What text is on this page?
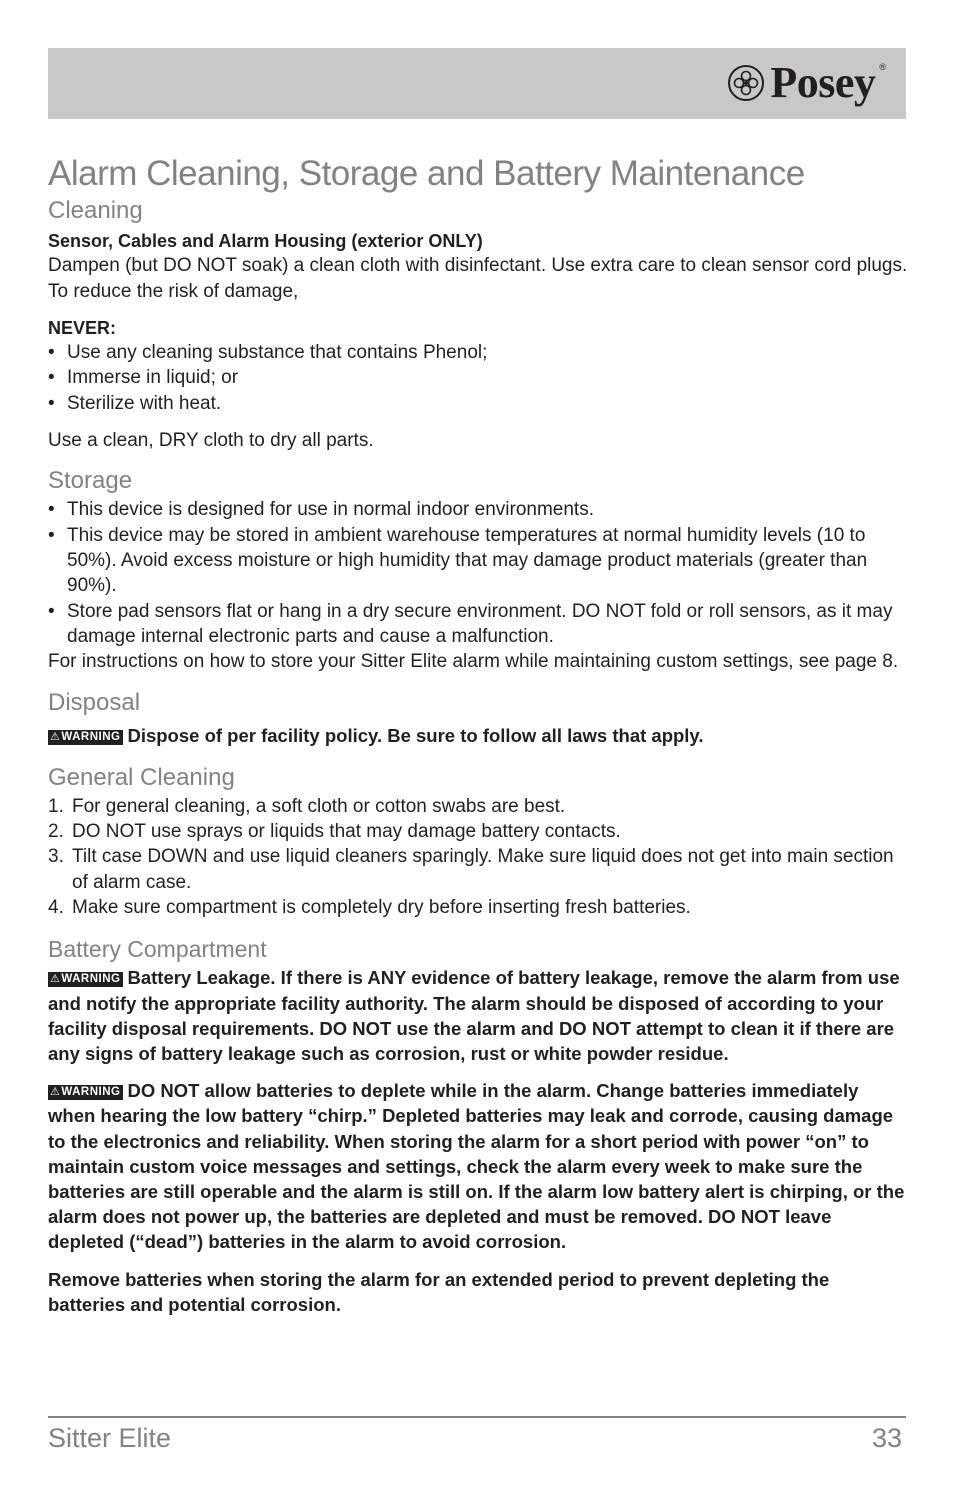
Posey ®
Alarm Cleaning, Storage and Battery Maintenance
Cleaning

Sensor, Cables and Alarm Housing (exterior ONLY)

Dampen (but DO NOT soak) a clean cloth with disinfectant. Use extra care to clean sensor cord plugs. To reduce the risk of damage,

NEVER:

• Use any cleaning substance that contains Phenol;
• Immerse in liquid; or
• Sterilize with heat.

Use a clean, DRY cloth to dry all parts.

Storage
• This device is designed for use in normal indoor environments.
• This device may be stored in ambient warehouse temperatures at normal humidity levels (10 to 50%). Avoid excess moisture or high humidity that may damage product materials (greater than 90%).
• Store pad sensors flat or hang in a dry secure environment. DO NOT fold or roll sensors, as it may damage internal electronic parts and cause a malfunction.

For instructions on how to store your Sitter Elite alarm while maintaining custom settings, see page 8.

Disposal

⚠WARNING Dispose of per facility policy. Be sure to follow all laws that apply.

General Cleaning
1. For general cleaning, a soft cloth or cotton swabs are best.
2. DO NOT use sprays or liquids that may damage battery contacts.
3. Tilt case DOWN and use liquid cleaners sparingly. Make sure liquid does not get into main section of alarm case.
4. Make sure compartment is completely dry before inserting fresh batteries.
Battery Compartment

⚠WARNING Battery Leakage. If there is ANY evidence of battery leakage, remove the alarm from use and notify the appropriate facility authority. The alarm should be disposed of according to your facility disposal requirements. DO NOT use the alarm and DO NOT attempt to clean it if there are any signs of battery leakage such as corrosion, rust or white powder residue.

⚠WARNING DO NOT allow batteries to deplete while in the alarm. Change batteries immediately when hearing the low battery “chirp.” Depleted batteries may leak and corrode, causing damage to the electronics and reliability. When storing the alarm for a short period with power “on” to maintain custom voice messages and settings, check the alarm every week to make sure the batteries are still operable and the alarm is still on. If the alarm low battery alert is chirping, or the alarm does not power up, the batteries are depleted and must be removed. DO NOT leave depleted (“dead”) batteries in the alarm to avoid corrosion.

Remove batteries when storing the alarm for an extended period to prevent depleting the batteries and potential corrosion.

Sitter Elite	33
